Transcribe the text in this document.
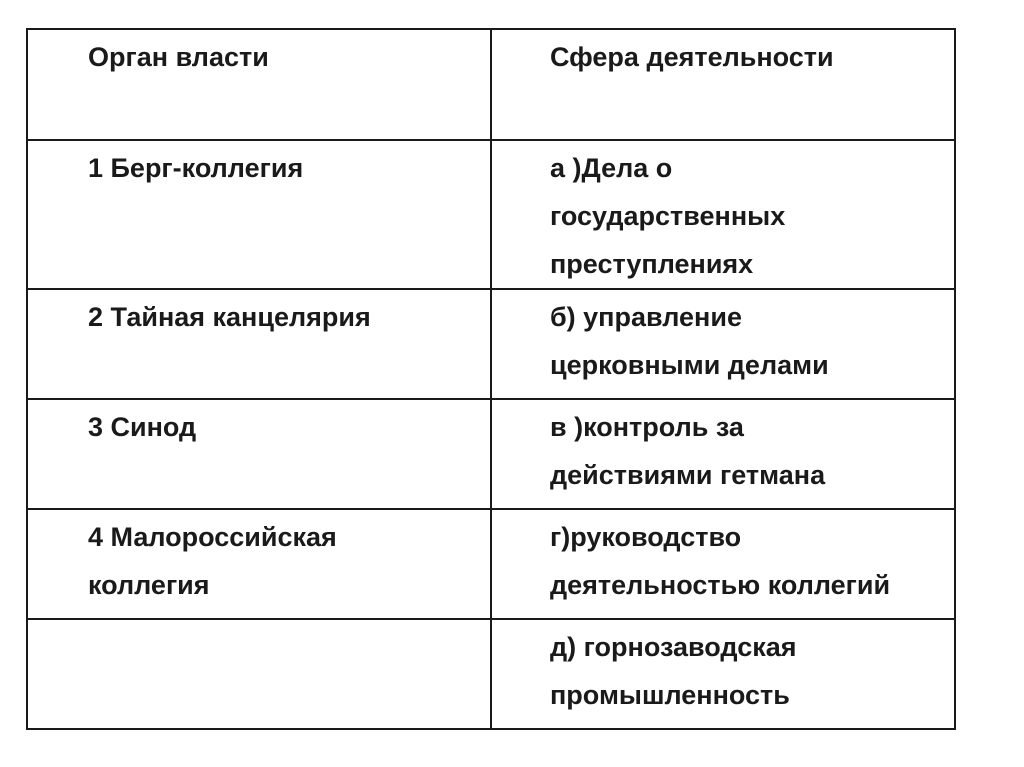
Орган власти	Сфера деятельности

1 Берг-коллегия	а )Дела о
государственных
преступлениях

2 Тайная канцелярия	б) управление
церковными делами

3 Синод	в )контроль за
действиями гетмана

4 Малороссийская
коллегия	г)руководство
деятельностью коллегий

	д) горнозаводская
промышленность
